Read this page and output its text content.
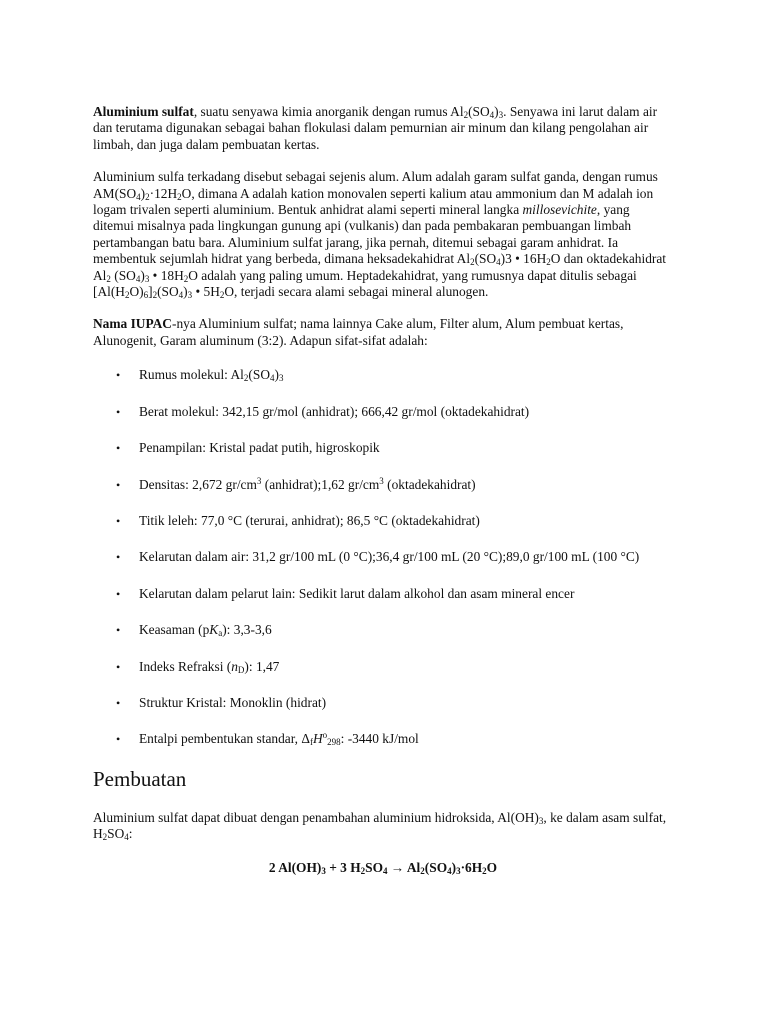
Aluminium sulfat, suatu senyawa kimia anorganik dengan rumus $Al_2(SO_4)_3$. Senyawa ini larut dalam air dan terutama digunakan sebagai bahan flokulasi dalam pemurnian air minum dan kilang pengolahan air limbah, dan juga dalam pembuatan kertas.

Aluminium sulfa terkadang disebut sebagai sejenis alum. Alum adalah garam sulfat ganda, dengan rumus $AM(SO_4)_2\cdot 12H_2O$, dimana A adalah kation monovalen seperti kalium atau ammonium dan M adalah ion logam trivalen seperti aluminium. Bentuk anhidrat alami seperti mineral langka millosevichite, yang ditemui misalnya pada lingkungan gunung api (vulkanis) dan pada pembakaran pembuangan limbah pertambangan batu bara. Aluminium sulfat jarang, jika pernah, ditemui sebagai garam anhidrat. Ia membentuk sejumlah hidrat yang berbeda, dimana heksadekahidrat $Al_2(SO_4)3$ • $16H_2O$ dan oktadekahidrat $Al_2$ $(SO_4)_3$ • $18H_2O$ adalah yang paling umum. Heptadekahidrat, yang rumusnya dapat ditulis sebagai $[Al(H_2O)_6]_2(SO_4)_3$ • $5H_2O$, terjadi secara alami sebagai mineral alunogen.

Nama IUPAC-nya Aluminium sulfat; nama lainnya Cake alum, Filter alum, Alum pembuat kertas, Alunogenit, Garam aluminum (3:2). Adapun sifat-sifat adalah:

• Rumus molekul: $Al_2(SO_4)_3$
• Berat molekul: 342,15 gr/mol (anhidrat); 666,42 gr/mol (oktadekahidrat)
• Penampilan: Kristal padat putih, higroskopik
• Densitas: 2,672 $gr/cm^3$ (anhidrat);1,62 $gr/cm^3$ (oktadekahidrat)
• Titik leleh: 77,0 °C (terurai, anhidrat); 86,5 °C (oktadekahidrat)
• Kelarutan dalam air: 31,2 gr/100 mL (0 °C);36,4 gr/100 mL (20 °C);89,0 gr/100 mL (100 °C)
• Kelarutan dalam pelarut lain: Sedikit larut dalam alkohol dan asam mineral encer
• Keasaman $(pK_a)$: 3,3-3,6
• Indeks Refraksi $(n_D)$: 1,47
• Struktur Kristal: Monoklin (hidrat)
• Entalpi pembentukan standar, $\Delta_fH^o_{298}$: -3440 kJ/mol
Pembuatan

Aluminium sulfat dapat dibuat dengan penambahan aluminium hidroksida, $Al(OH)_3$, ke dalam asam sulfat, $H_2SO_4$:

2 $Al(OH)_3 + 3$ $H_2SO_4 \to Al_2(SO_4)_3\cdot 6H_2O$
